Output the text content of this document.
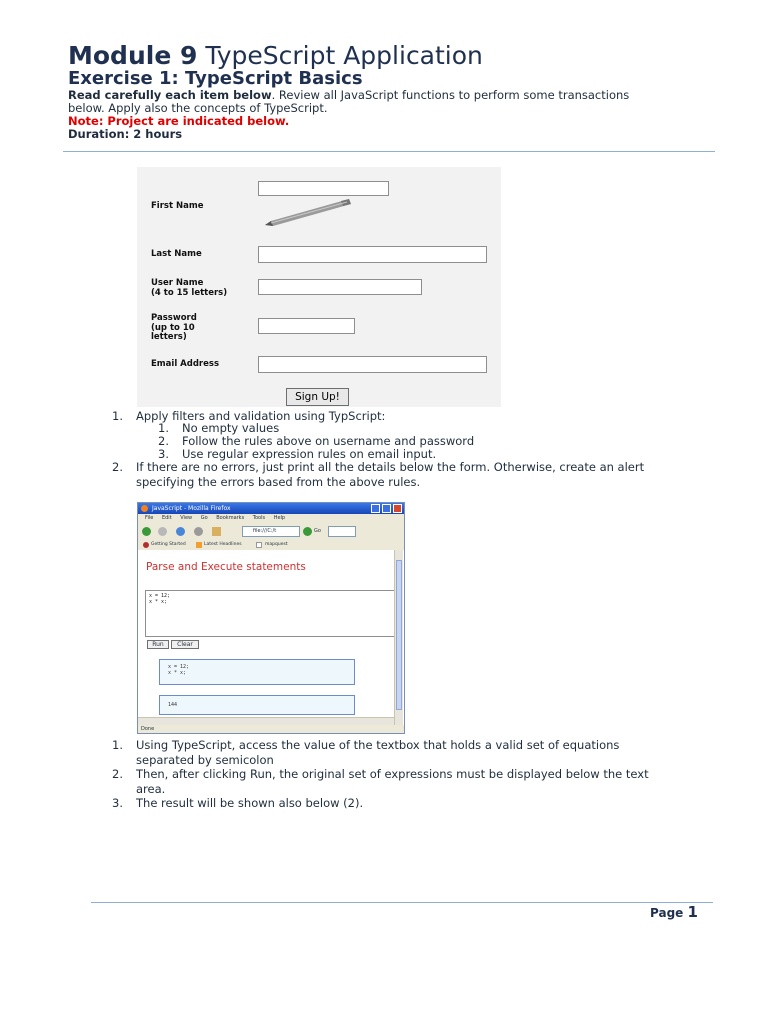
Module 9 TypeScript Application
Exercise 1: TypeScript Basics
Read carefully each item below. Review all JavaScript functions to perform some transactions
below. Apply also the concepts of TypeScript.
Note: Project are indicated below.
Duration: 2 hours
First Name
Last Name
User Name
(4 to 15 letters)
Password
(up to 10
letters)
Email Address
Sign Up!
1. Apply filters and validation using TypScript:
1. No empty values
2. Follow the rules above on username and password
3. Use regular expression rules on email input.
2. If there are no errors, just print all the details below the form. Otherwise, create an alert
specifying the errors based from the above rules.
JavaScript - Mozilla Firefox
File Edit View Go Bookmarks Tools Help
file:///C:/t	Go
Getting Started	Latest Headlines	mapquest
Parse and Execute statements
x = 12;
x * x;
Run	Clear
x = 12;
x * x;
144
Done
1. Using TypeScript, access the value of the textbox that holds a valid set of equations
separated by semicolon
2. Then, after clicking Run, the original set of expressions must be displayed below the text
area.
3. The result will be shown also below (2).
Page 1
